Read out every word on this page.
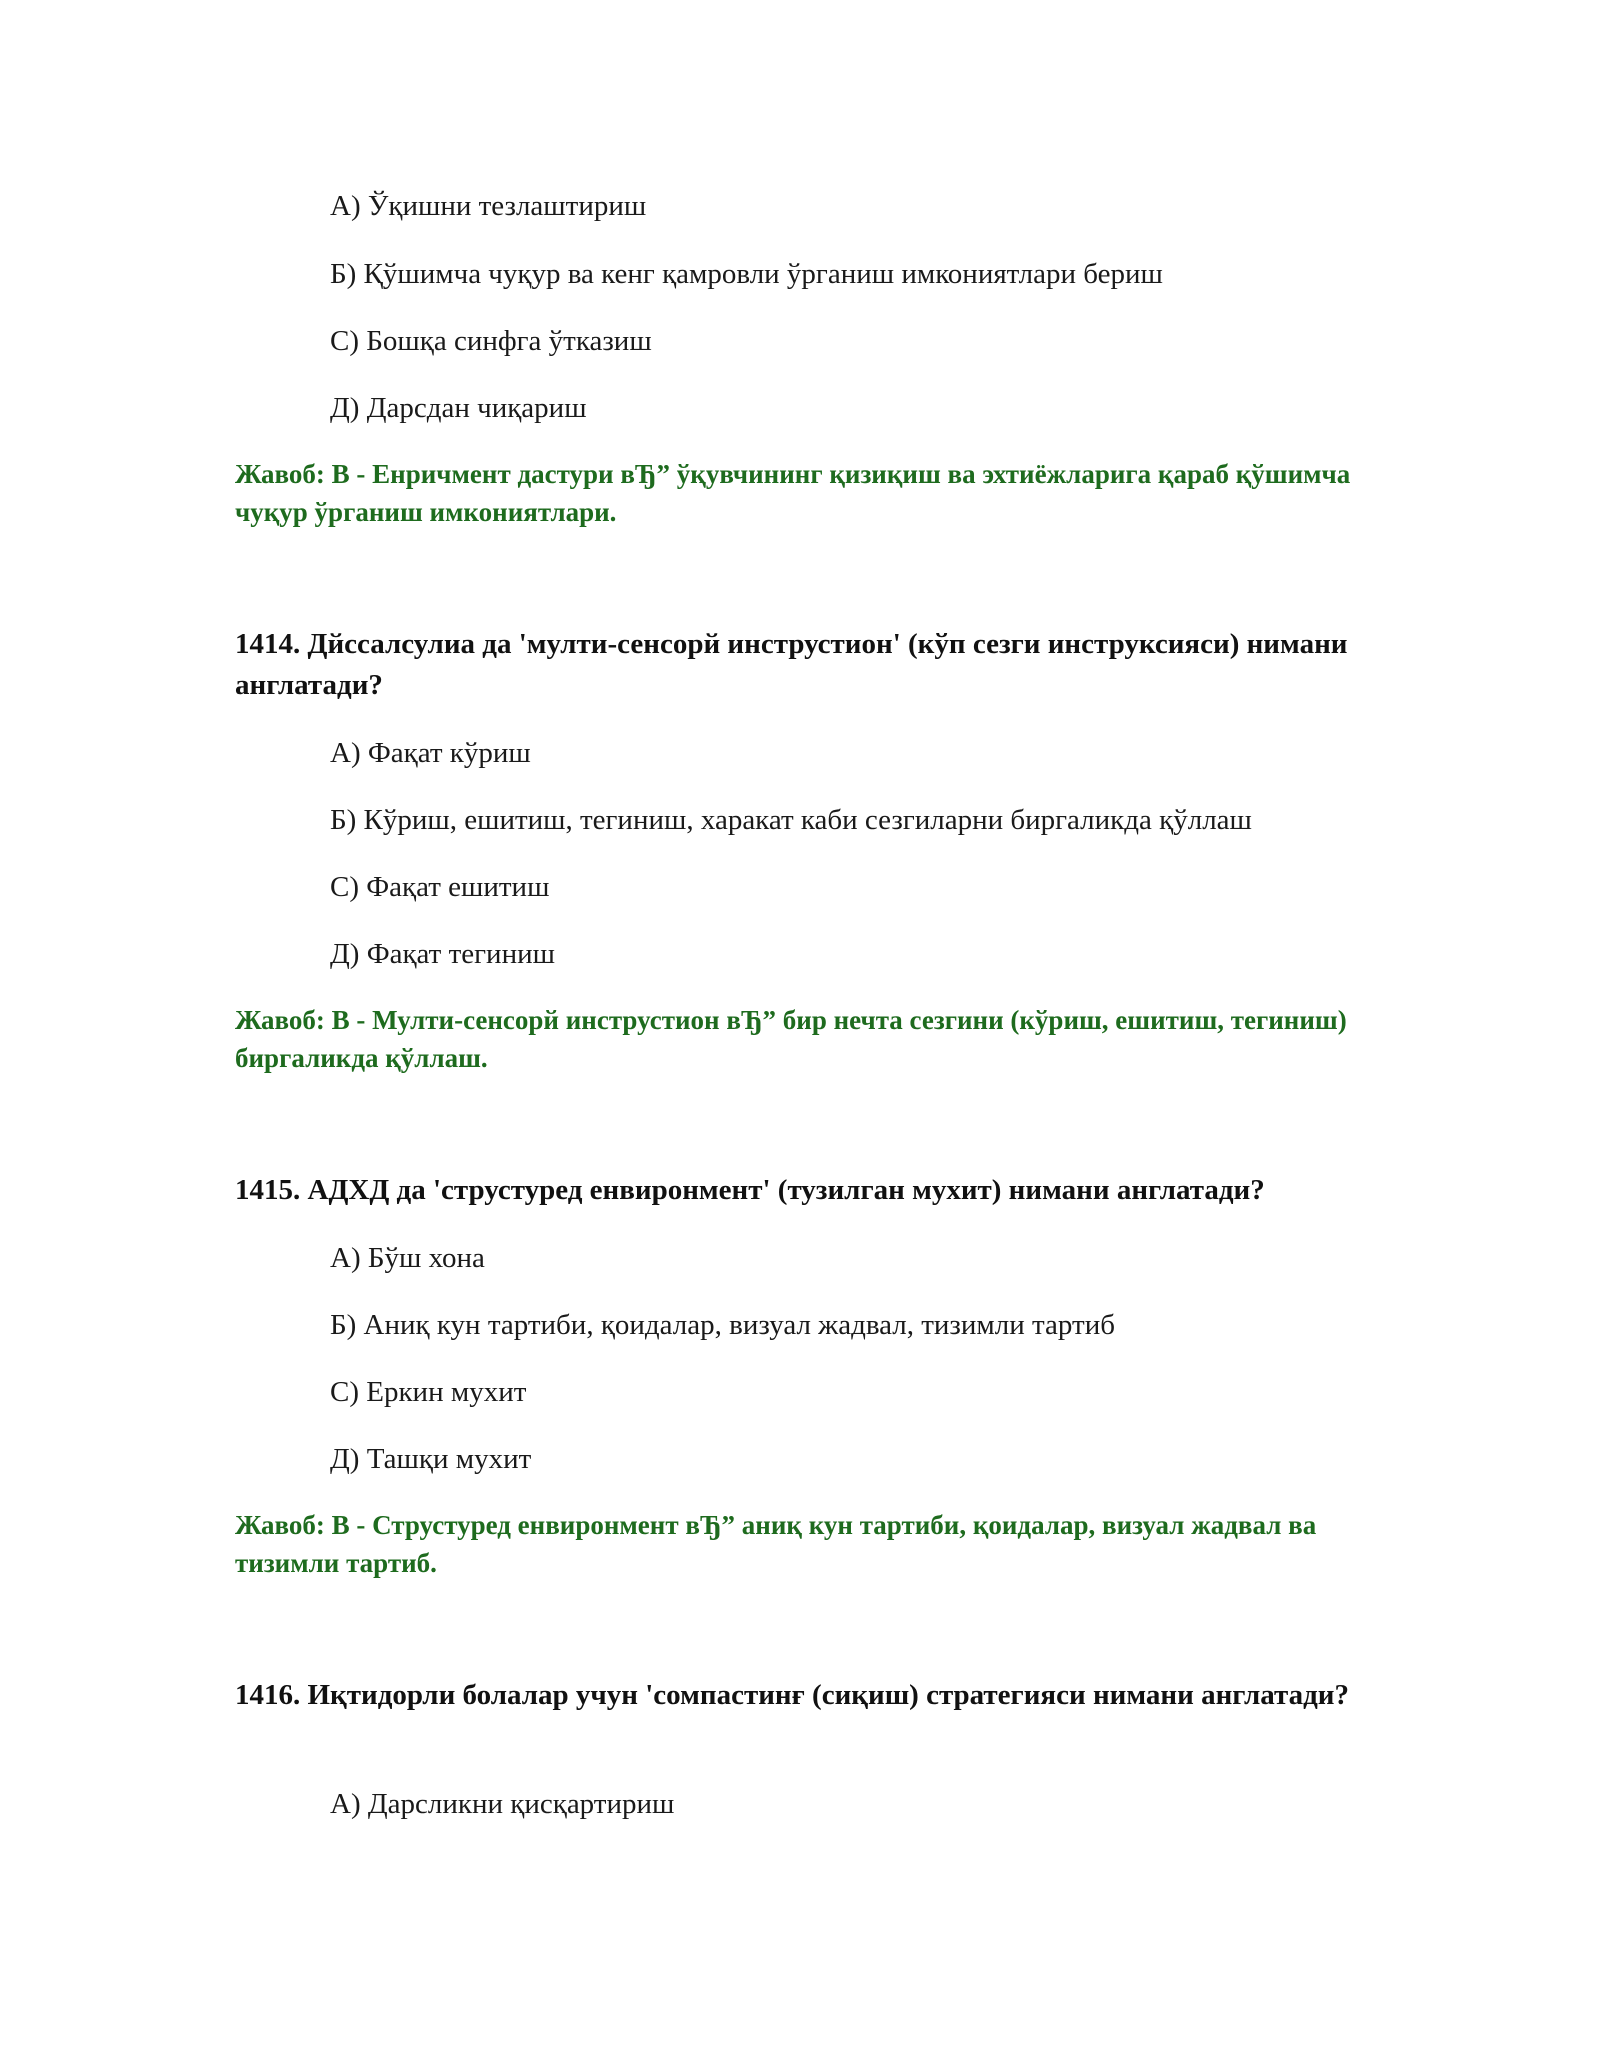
А) Ўқишни тезлаштириш
Б) Қўшимча чуқур ва кенг қамровли ўрганиш имкониятлари бериш
С) Бошқа синфга ўтказиш
Д) Дарсдан чиқариш
Жавоб: B - Енричмент дастури вЂ” ўқувчининг қизиқиш ва эхтиёжларига қараб қўшимча чуқур ўрганиш имкониятлари.
1414. Дйссалсулиа да 'мулти-сенсорй инструстион' (кўп сезги инструксияси) нимани англатади?
А) Фақат кўриш
Б) Кўриш, ешитиш, тегиниш, харакат каби сезгиларни биргаликда қўллаш
С) Фақат ешитиш
Д) Фақат тегиниш
Жавоб: B - Мулти-сенсорй инструстион вЂ” бир нечта сезгини (кўриш, ешитиш, тегиниш) биргаликда қўллаш.
1415. АДХД да 'струстуред енвиронмент' (тузилган мухит) нимани англатади?
А) Бўш хона
Б) Аниқ кун тартиби, қоидалар, визуал жадвал, тизимли тартиб
С) Еркин мухит
Д) Ташқи мухит
Жавоб: B - Струстуред енвиронмент вЂ” аниқ кун тартиби, қоидалар, визуал жадвал ва тизимли тартиб.
1416. Иқтидорли болалар учун 'сомпастинғ (сиқиш) стратегияси нимани англатади?
А) Дарсликни қисқартириш
